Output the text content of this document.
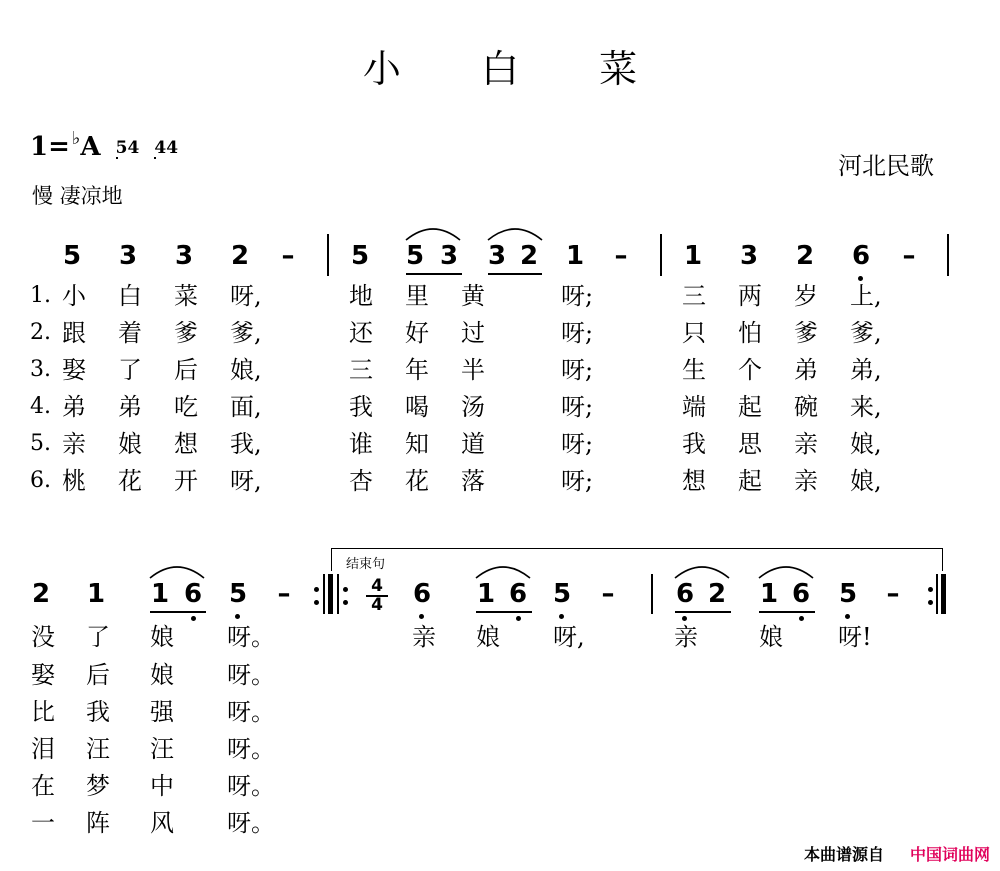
小 白 菜
1= ♭A 5
4 4
4
慢 凄凉地
河北民歌
5 3 3 2 – 5 5 3 3 2 1 – 1 3 2 6 –
1. 小 白 菜 呀,	地 里 黄	呀;	三 两 岁 上,
没 了 娘 呀。
2. 跟 着 爹 爹,	还 好 过	呀;	只 怕 爹 爹,
娶 后 娘 呀。
3. 娶 了 后 娘,	三 年 半	呀;	生 个 弟 弟,
比 我 强 呀。
4. 弟 弟 吃 面,	我 喝 汤	呀;	端 起 碗 来,
泪 汪 汪 呀。
5. 亲 娘 想 我,	谁 知 道	呀;	我 思 亲 娘,
在 梦 中 呀。
6. 桃 花 开 呀,	杏 花 落	呀;	想 起 亲 娘,
一 阵 风 呀。
2 1 1 6 5 –
结束句
4
4 6 1 6 5 – 6 2 1 6 5 –
亲 娘 呀,	亲	娘 呀!
本曲谱源自 中国词曲网
